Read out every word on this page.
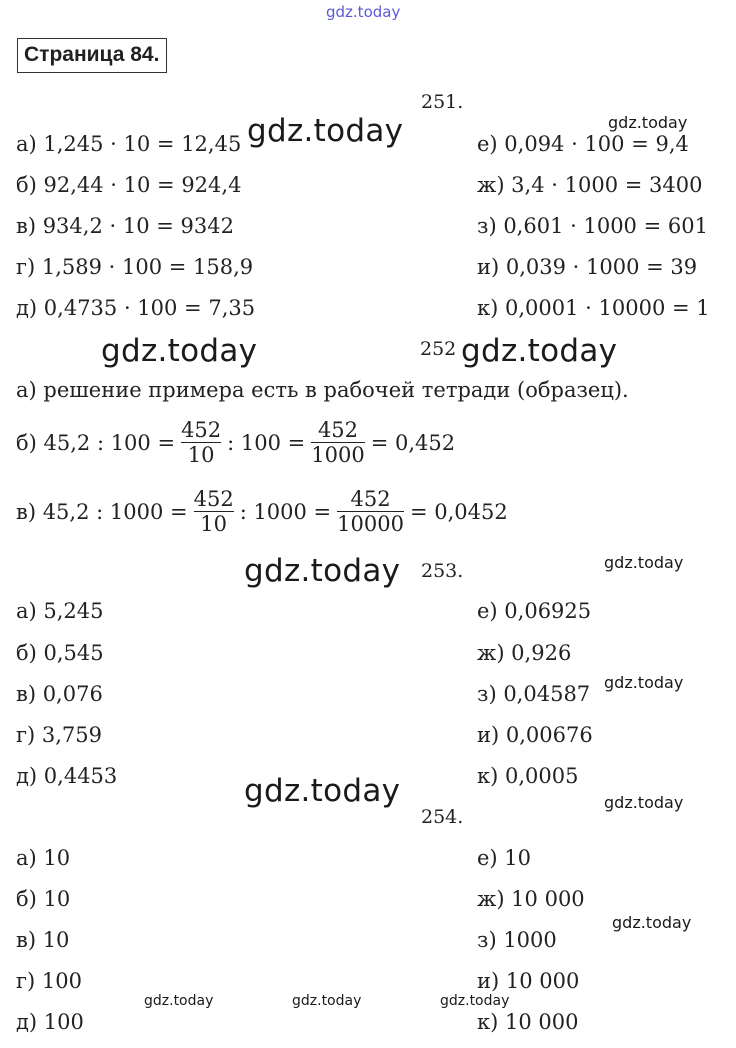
gdz.today
Страница 84.
251.
а) 1,245 · 10 = 12,45
б) 92,44 · 10 = 924,4
в) 934,2 · 10 = 9342
г) 1,589 · 100 = 158,9
д) 0,4735 · 100 = 7,35
е) 0,094 · 100 = 9,4
ж) 3,4 · 1000 = 3400
з) 0,601 · 1000 = 601
и) 0,039 · 1000 = 39
к) 0,0001 · 10000 = 1
252
а) решение примера есть в рабочей тетради (образец).
б) 45,2 : $100 = \frac{452}{10}$ : $100 = \frac{452}{1000} = 0,452$
в) 45,2 : $1000 = \frac{452}{10}$ : $1000 = \frac{452}{10000} = 0,0452$
253.
а) 5,245
б) 0,545
в) 0,076
г) 3,759
д) 0,4453
е) 0,06925
ж) 0,926
з) 0,04587
и) 0,00676
к) 0,0005
254.
а) 10
б) 10
в) 10
г) 100
д) 100
е) 10
ж) 10 000
з) 1000
и) 10 000
к) 10 000
gdz.today	gdz.today
gdz.today	gdz.today
gdz.today	gdz.today
gdz.today
gdz.today	gdz.today
gdz.today
gdz.today	gdz.today	gdz.today
